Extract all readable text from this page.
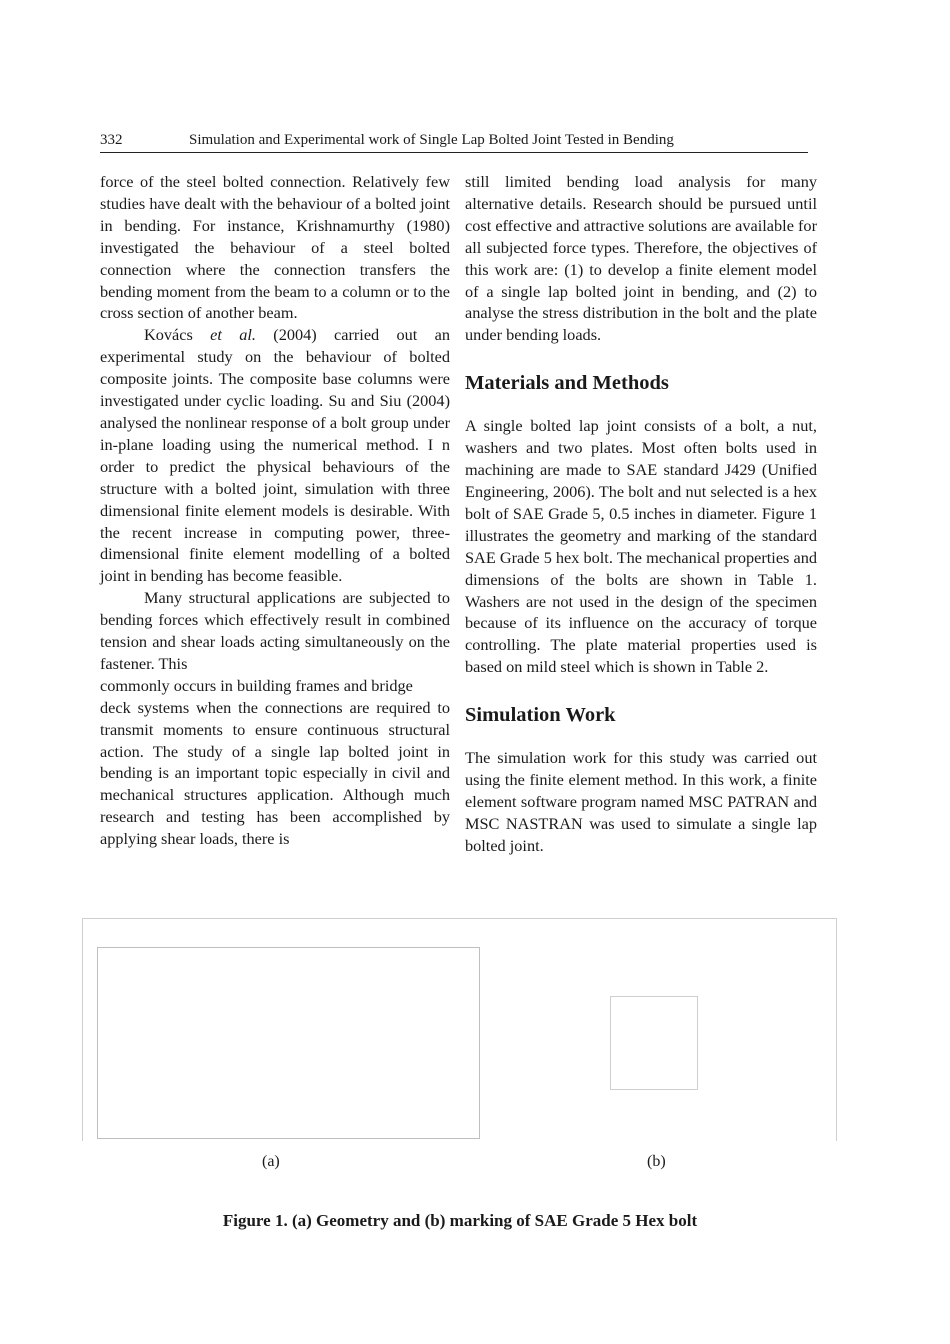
332	Simulation and Experimental work of Single Lap Bolted Joint Tested in Bending

force of the steel bolted connection. Relatively few studies have dealt with the behaviour of a bolted joint in bending. For instance, Krishnamurthy (1980) investigated the behaviour of a steel bolted connection where the connection transfers the bending moment from the beam to a column or to the cross section of another beam.

Kovács et al. (2004) carried out an experimental study on the behaviour of bolted composite joints. The composite base columns were investigated under cyclic loading. Su and Siu (2004) analysed the nonlinear response of a bolt group under in-plane loading using the numerical method. I n order to predict the physical behaviours of the structure with a bolted joint, simulation with three dimensional finite element models is desirable. With the recent increase in computing power, three-dimensional finite element modelling of a bolted joint in bending has become feasible.

Many structural applications are subjected to bending forces which effectively result in combined tension and shear loads acting simultaneously on the fastener. This

commonly occurs in building frames and bridge

deck systems when the connections are required to transmit moments to ensure continuous structural action. The study of a single lap bolted joint in bending is an important topic especially in civil and mechanical structures application. Although much research and testing has been accomplished by applying shear loads, there is

still limited bending load analysis for many alternative details. Research should be pursued until cost effective and attractive solutions are available for all subjected force types. Therefore, the objectives of this work are: (1) to develop a finite element model of a single lap bolted joint in bending, and (2) to analyse the stress distribution in the bolt and the plate under bending loads.

Materials and Methods

A single bolted lap joint consists of a bolt, a nut, washers and two plates. Most often bolts used in machining are made to SAE standard J429 (Unified Engineering, 2006). The bolt and nut selected is a hex bolt of SAE Grade 5, 0.5 inches in diameter. Figure 1 illustrates the geometry and marking of the standard SAE Grade 5 hex bolt. The mechanical properties and dimensions of the bolts are shown in Table 1. Washers are not used in the design of the specimen because of its influence on the accuracy of torque controlling. The plate material properties used is based on mild steel which is shown in Table 2.

Simulation Work

The simulation work for this study was carried out using the finite element method. In this work, a finite element software program named MSC PATRAN and MSC NASTRAN was used to simulate a single lap bolted joint.

(a)	(b)
Figure 1. (a) Geometry and (b) marking of SAE Grade 5 Hex bolt
